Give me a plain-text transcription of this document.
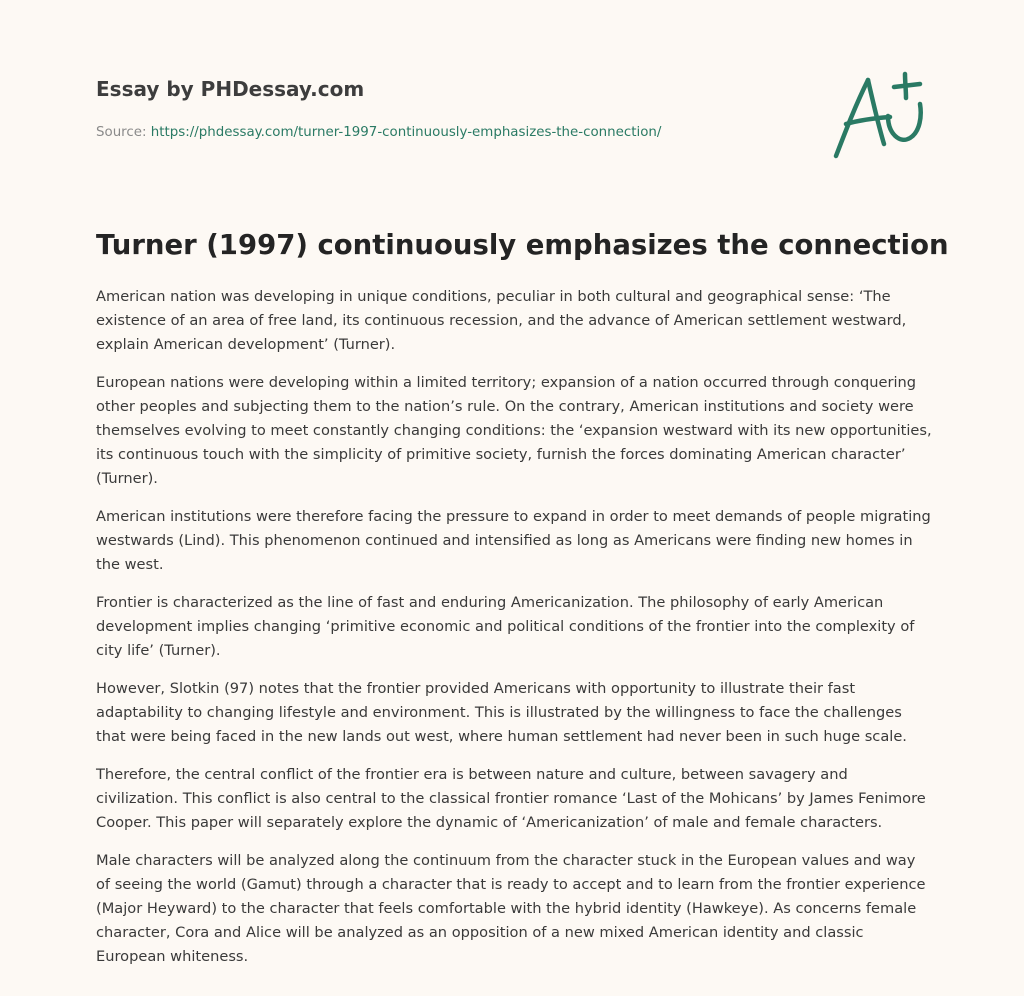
Essay by PHDessay.com
Source: https://phdessay.com/turner-1997-continuously-emphasizes-the-connection/
Turner (1997) continuously emphasizes the connection

American nation was developing in unique conditions, peculiar in both cultural and geographical sense: ‘The existence of an area of free land, its continuous recession, and the advance of American settlement westward, explain American development’ (Turner).

European nations were developing within a limited territory; expansion of a nation occurred through conquering other peoples and subjecting them to the nation’s rule. On the contrary, American institutions and society were themselves evolving to meet constantly changing conditions: the ‘expansion westward with its new opportunities, its continuous touch with the simplicity of primitive society, furnish the forces dominating American character’ (Turner).

American institutions were therefore facing the pressure to expand in order to meet demands of people migrating westwards (Lind). This phenomenon continued and intensified as long as Americans were finding new homes in the west.

Frontier is characterized as the line of fast and enduring Americanization. The philosophy of early American development implies changing ‘primitive economic and political conditions of the frontier into the complexity of city life’ (Turner).

However, Slotkin (97) notes that the frontier provided Americans with opportunity to illustrate their fast adaptability to changing lifestyle and environment. This is illustrated by the willingness to face the challenges that were being faced in the new lands out west, where human settlement had never been in such huge scale.

Therefore, the central conflict of the frontier era is between nature and culture, between savagery and civilization. This conflict is also central to the classical frontier romance ‘Last of the Mohicans’ by James Fenimore Cooper. This paper will separately explore the dynamic of ‘Americanization’ of male and female characters.

Male characters will be analyzed along the continuum from the character stuck in the European values and way of seeing the world (Gamut) through a character that is ready to accept and to learn from the frontier experience (Major Heyward) to the character that feels comfortable with the hybrid identity (Hawkeye). As concerns female character, Cora and Alice will be analyzed as an opposition of a new mixed American identity and classic European whiteness.
